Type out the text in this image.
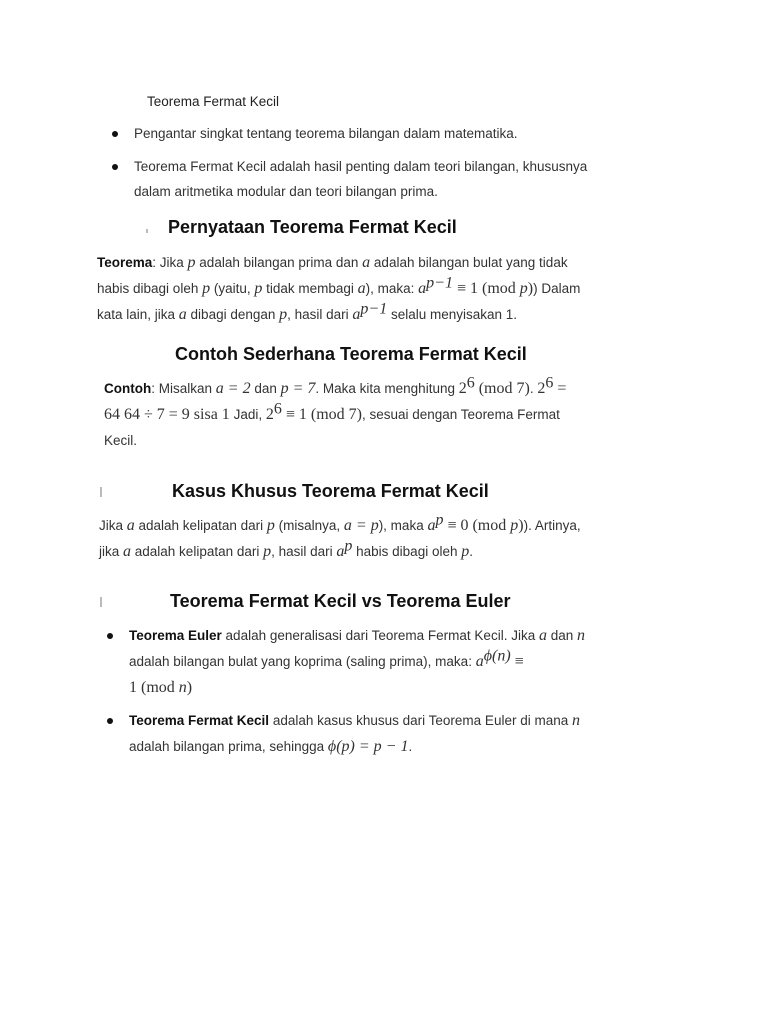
Teorema Fermat Kecil
Pengantar singkat tentang teorema bilangan dalam matematika.
Teorema Fermat Kecil adalah hasil penting dalam teori bilangan, khususnya
dalam aritmetika modular dan teori bilangan prima.
Pernyataan Teorema Fermat Kecil
Teorema: Jika p adalah bilangan prima dan a adalah bilangan bulat yang tidak
habis dibagi oleh p (yaitu, p tidak membagi a), maka: $a^{p-1} \equiv 1$ (mod p)) Dalam
kata lain, jika a dibagi dengan p, hasil dari $a^{p-1}$ selalu menyisakan 1.
Contoh Sederhana Teorema Fermat Kecil
Contoh: Misalkan a = 2 dan p = 7. Maka kita menghitung $2^6$ (mod 7). $2^6$ =
64 64 ÷ 7 = 9 sisa 1 Jadi, $2^6 \equiv 1$ (mod 7), sesuai dengan Teorema Fermat
Kecil.
Kasus Khusus Teorema Fermat Kecil
Jika a adalah kelipatan dari p (misalnya, a = p), maka $a^p \equiv 0$ (mod p)). Artinya,
jika a adalah kelipatan dari p, hasil dari $a^p$ habis dibagi oleh p.
Teorema Fermat Kecil vs Teorema Euler
Teorema Euler adalah generalisasi dari Teorema Fermat Kecil. Jika a dan n
adalah bilangan bulat yang koprima (saling prima), maka: $a^{\phi(n)}$ ≡
1 (mod n)
Teorema Fermat Kecil adalah kasus khusus dari Teorema Euler di mana n
adalah bilangan prima, sehingga ϕ(p) = p − 1.
